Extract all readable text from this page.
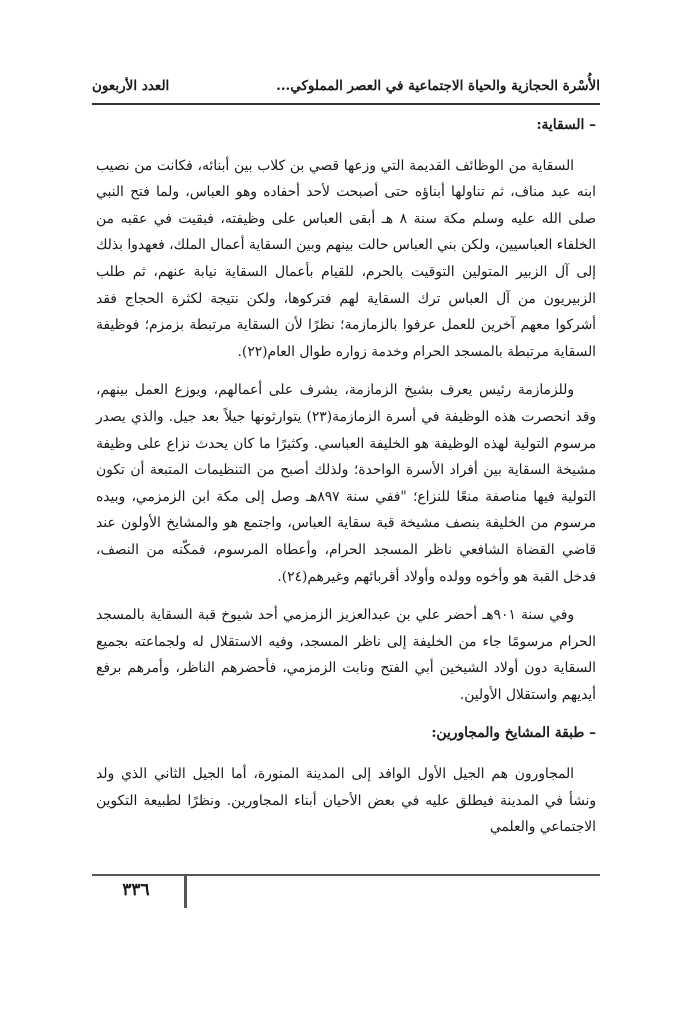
الأُسْرة الحجازية والحياة الاجتماعية في العصر المملوكي...
العدد الأربعون

– السقاية:

السقاية من الوظائف القديمة التي وزعها قصي بن كلاب بين أبنائه، فكانت من نصيب ابنه عبد مناف، ثم تناولها أبناؤه حتى أصبحت لأحد أحفاده وهو العباس، ولما فتح النبي صلى الله عليه وسلم مكة سنة ٨ هـ أبقى العباس على وظيفته، فبقيت في عقبه من الخلفاء العباسيين، ولكن بني العباس حالت بينهم وبين السقاية أعمال الملك، فعهدوا بذلك إلى آل الزبير المتولين التوقيت بالحرم، للقيام بأعمال السقاية نيابة عنهم، ثم طلب الزبيريون من آل العباس ترك السقاية لهم فتركوها، ولكن نتيجة لكثرة الحجاج فقد أشركوا معهم آخرين للعمل عرفوا بالزمازمة؛ نظرًا لأن السقاية مرتبطة بزمزم؛ فوظيفة السقاية مرتبطة بالمسجد الحرام وخدمة زواره طوال العام(٢٢).

وللزمازمة رئيس يعرف بشيخ الزمازمة، يشرف على أعمالهم، ويوزع العمل بينهم، وقد انحصرت هذه الوظيفة في أسرة الزمازمة(٢٣) يتوارثونها جيلاً بعد جيل. والذي يصدر مرسوم التولية لهذه الوظيفة هو الخليفة العباسي. وكثيرًا ما كان يحدث نزاع على وظيفة مشيخة السقاية بين أفراد الأسرة الواحدة؛ ولذلك أصبح من التنظيمات المتبعة أن تكون التولية فيها مناصفة منعًا للنزاع؛ "ففي سنة ٨٩٧هـ وصل إلى مكة ابن الزمزمي، وبيده مرسوم من الخليفة بنصف مشيخة قبة سقاية العباس، واجتمع هو والمشايخ الأولون عند قاضي القضاة الشافعي ناظر المسجد الحرام، وأعطاه المرسوم، فمكّنه من النصف، فدخل القبة هو وأخوه وولده وأولاد أقربائهم وغيرهم(٢٤).

وفي سنة ٩٠١هـ أحضر علي بن عبدالعزيز الزمزمي أحد شيوخ قبة السقاية بالمسجد الحرام مرسومًا جاء من الخليفة إلى ناظر المسجد، وفيه الاستقلال له ولجماعته بجميع السقاية دون أولاد الشيخين أبي الفتح ونابت الزمزمي، فأحضرهم الناظر، وأمرهم برفع أيديهم واستقلال الأولين.

– طبقة المشايخ والمجاورين:

المجاورون هم الجيل الأول الوافد إلى المدينة المنورة، أما الجيل الثاني الذي ولد ونشأ في المدينة فيطلق عليه في بعض الأحيان أبناء المجاورين. ونظرًا لطبيعة التكوين الاجتماعي والعلمي

٣٣٦
